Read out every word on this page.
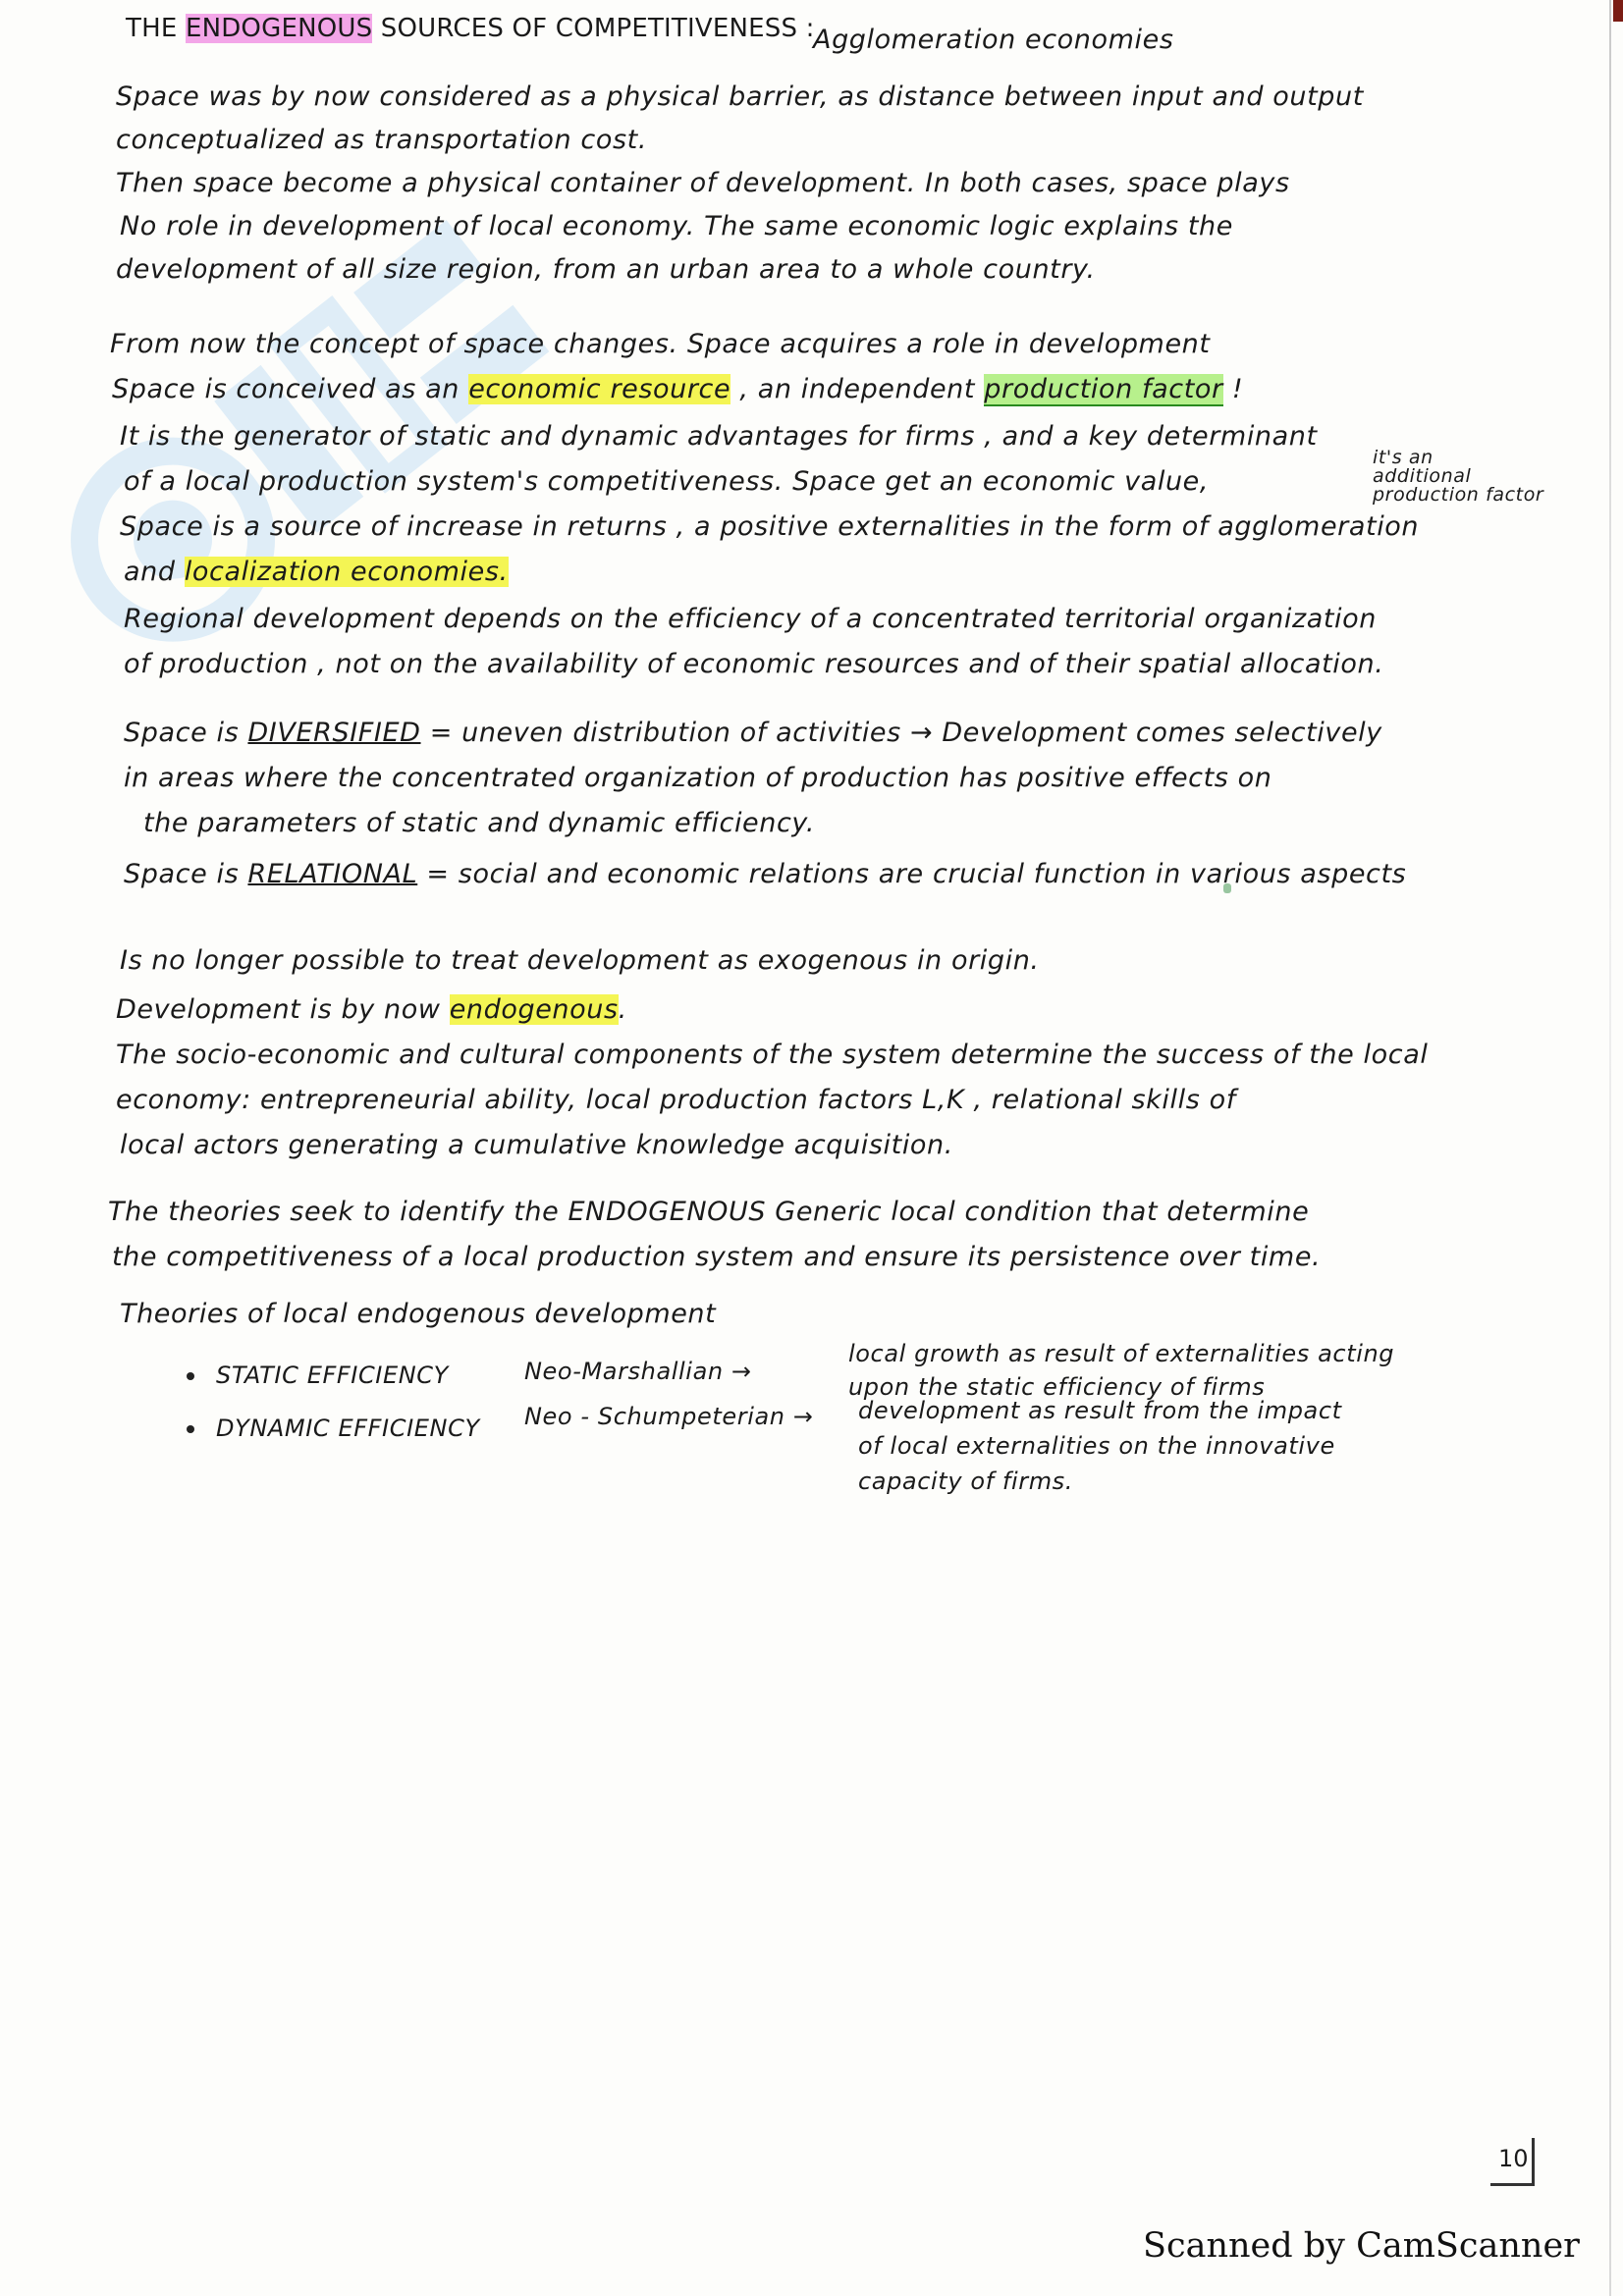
THE ENDOGENOUS SOURCES OF COMPETITIVENESS :

Agglomeration economies

Space was by now considered as a physical barrier, as distance between input and output

conceptualized as transportation cost.

Then space become a physical container of development. In both cases, space plays

No role in development of local economy. The same economic logic explains the

development of all size region, from an urban area to a whole country.

From now the concept of space changes. Space acquires a role in development

Space is conceived as an economic resource , an independent production factor !

It is the generator of static and dynamic advantages for firms , and a key determinant

of a local production system's competitiveness. Space get an economic value,

it's an

additional

production factor

Space is a source of increase in returns , a positive externalities in the form of agglomeration

and localization economies.

Regional development depends on the efficiency of a concentrated territorial organization

of production , not on the availability of economic resources and of their spatial allocation.

Space is DIVERSIFIED = uneven distribution of activities → Development comes selectively

in areas where the concentrated organization of production has positive effects on

the parameters of static and dynamic efficiency.

Space is RELATIONAL = social and economic relations are crucial function in various aspects

Is no longer possible to treat development as exogenous in origin.

Development is by now endogenous.

The socio-economic and cultural components of the system determine the success of the local

economy: entrepreneurial ability, local production factors L,K , relational skills of

local actors generating a cumulative knowledge acquisition.

The theories seek to identify the ENDOGENOUS Generic local condition that determine

the competitiveness of a local production system and ensure its persistence over time.

Theories of local endogenous development

STATIC EFFICIENCY	Neo-Marshallian →

local growth as result of externalities acting

upon the static efficiency of firms

DYNAMIC EFFICIENCY Neo - Schumpeterian → development as result from the impact

of local externalities on the innovative

capacity of firms.

10
Scanned by CamScanner
